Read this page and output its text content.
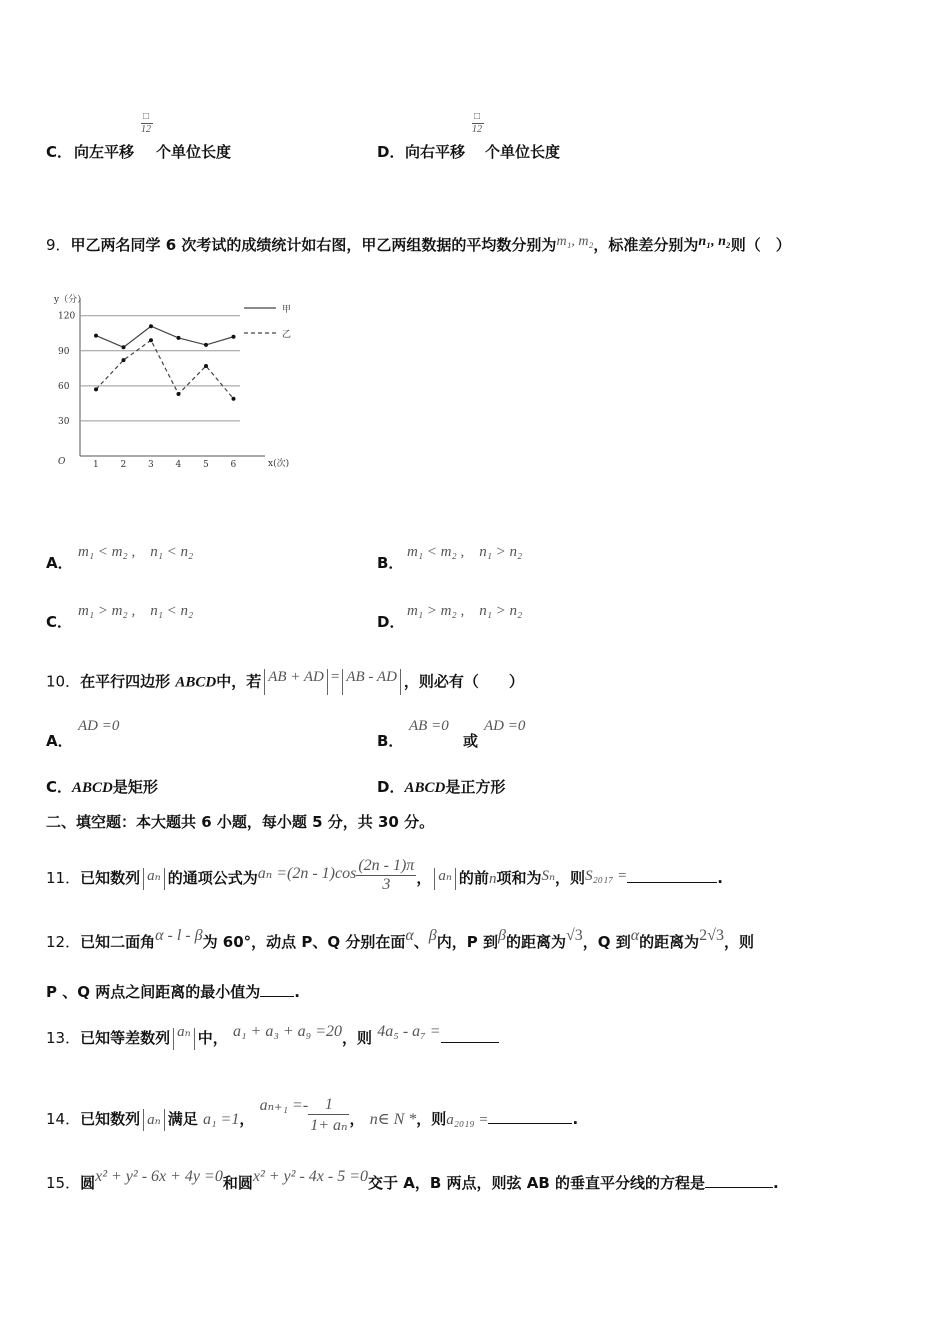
C． 向左平移
□
12
个单位长度	D． 向右平移
□
12
个单位长度
9．甲乙两名同学 6 次考试的成绩统计如右图，甲乙两组数据的平均数分别为m₁, m₂，标准差分别为n₁, n₂则（　）
y（分）
x(次)
O
30
60
90
120
1 2 3 4 5 6
甲
乙
A．
m₁ < m₂ ,　n₁ < n₂
B．
m₁ < m₂ ,　n₁ > n₂
C．
m₁ > m₂ ,　n₁ < n₂
D．
m₁ > m₂ ,　n₁ > n₂
10．在平行四边形 ABCD中，若 AB + AD = AB - AD ，则必有（　　）
A．
AD =0
B．
AB =0
或
AD =0
C．ABCD是矩形	D．ABCD是正方形
二、填空题：本大题共 6 小题，每小题 5 分，共 30 分。
11．已知数列 aₙ 的通项公式为$a_n =(2n - 1)\cos \frac{(2n - 1)\pi}{3}$ ， aₙ 的前n项和为Sₙ，则S₂₀₁₇ =	.
12．已知二面角α - l - β为 60°，动点 P、Q 分别在面α、β内，P 到β的距离为√3，Q 到α的距离为2√3，则
P 、Q 两点之间距离的最小值为 .
13．已知等差数列 aₙ 中， a₁ + a₃ + a₉ =20，则 4a₅ - a₇ =
14．已知数列 aₙ 满足 a₁ =1， $a_{n+1} =- \frac{1}{\text{1+ aₙ}}$ ， n∈ N *，则a₂₀₁₉ =	.
15．圆x² + y² - 6x + 4y =0和圆x² + y² - 4x - 5 =0交于 A，B 两点，则弦 AB 的垂直平分线的方程是	.
